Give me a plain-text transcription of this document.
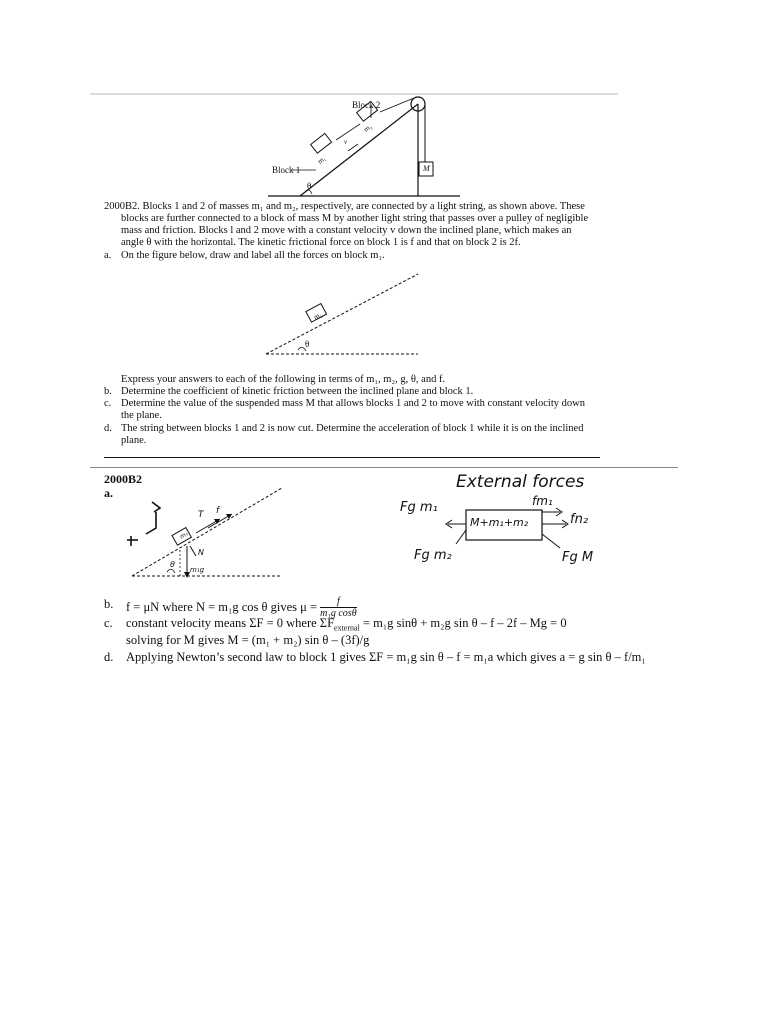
Block 2
Block 1
m₂
m₁
M
v
θ
2000B2. Blocks 1 and 2 of masses m₁ and m₂, respectively, are connected by a light string, as shown above. These
blocks are further connected to a block of mass M by another light string that passes over a pulley of negligible
mass and friction. Blocks l and 2 move with a constant velocity v down the inclined plane, which makes an
angle θ with the horizontal. The kinetic frictional force on block 1 is f and that on block 2 is 2f.
a. On the figure below, draw and label all the forces on block m₁.
m₁
θ
Express your answers to each of the following in terms of m₁, m₂, g, θ, and f.
b. Determine the coefficient of kinetic friction between the inclined plane and block 1.
c. Determine the value of the suspended mass M that allows blocks 1 and 2 to move with constant velocity down
the plane.
d. The string between blocks 1 and 2 is now cut. Determine the acceleration of block 1 while it is on the inclined
plane.
2000B2
a.
T f
N
m₁
m₁g
θ
External forces
Fg m₁
M+m₁+m₂
fm₁
fn₂
Fg m₂	Fg M
b. f = μN where N = m₁g cos θ gives $\mu = \frac{f}{\text{m₁g cosθ}}$
c. constant velocity means ΣF = 0 where $\Sigma F_{external} = m_1g$ sinθ + m₂g sin θ – f – 2f – Mg = 0
solving for M gives M = (m₁ + m₂) sin θ – (3f)/g
d. Applying Newton’s second law to block 1 gives ΣF = m₁g sin θ – f = m₁a which gives a = g sin θ – f/m₁
